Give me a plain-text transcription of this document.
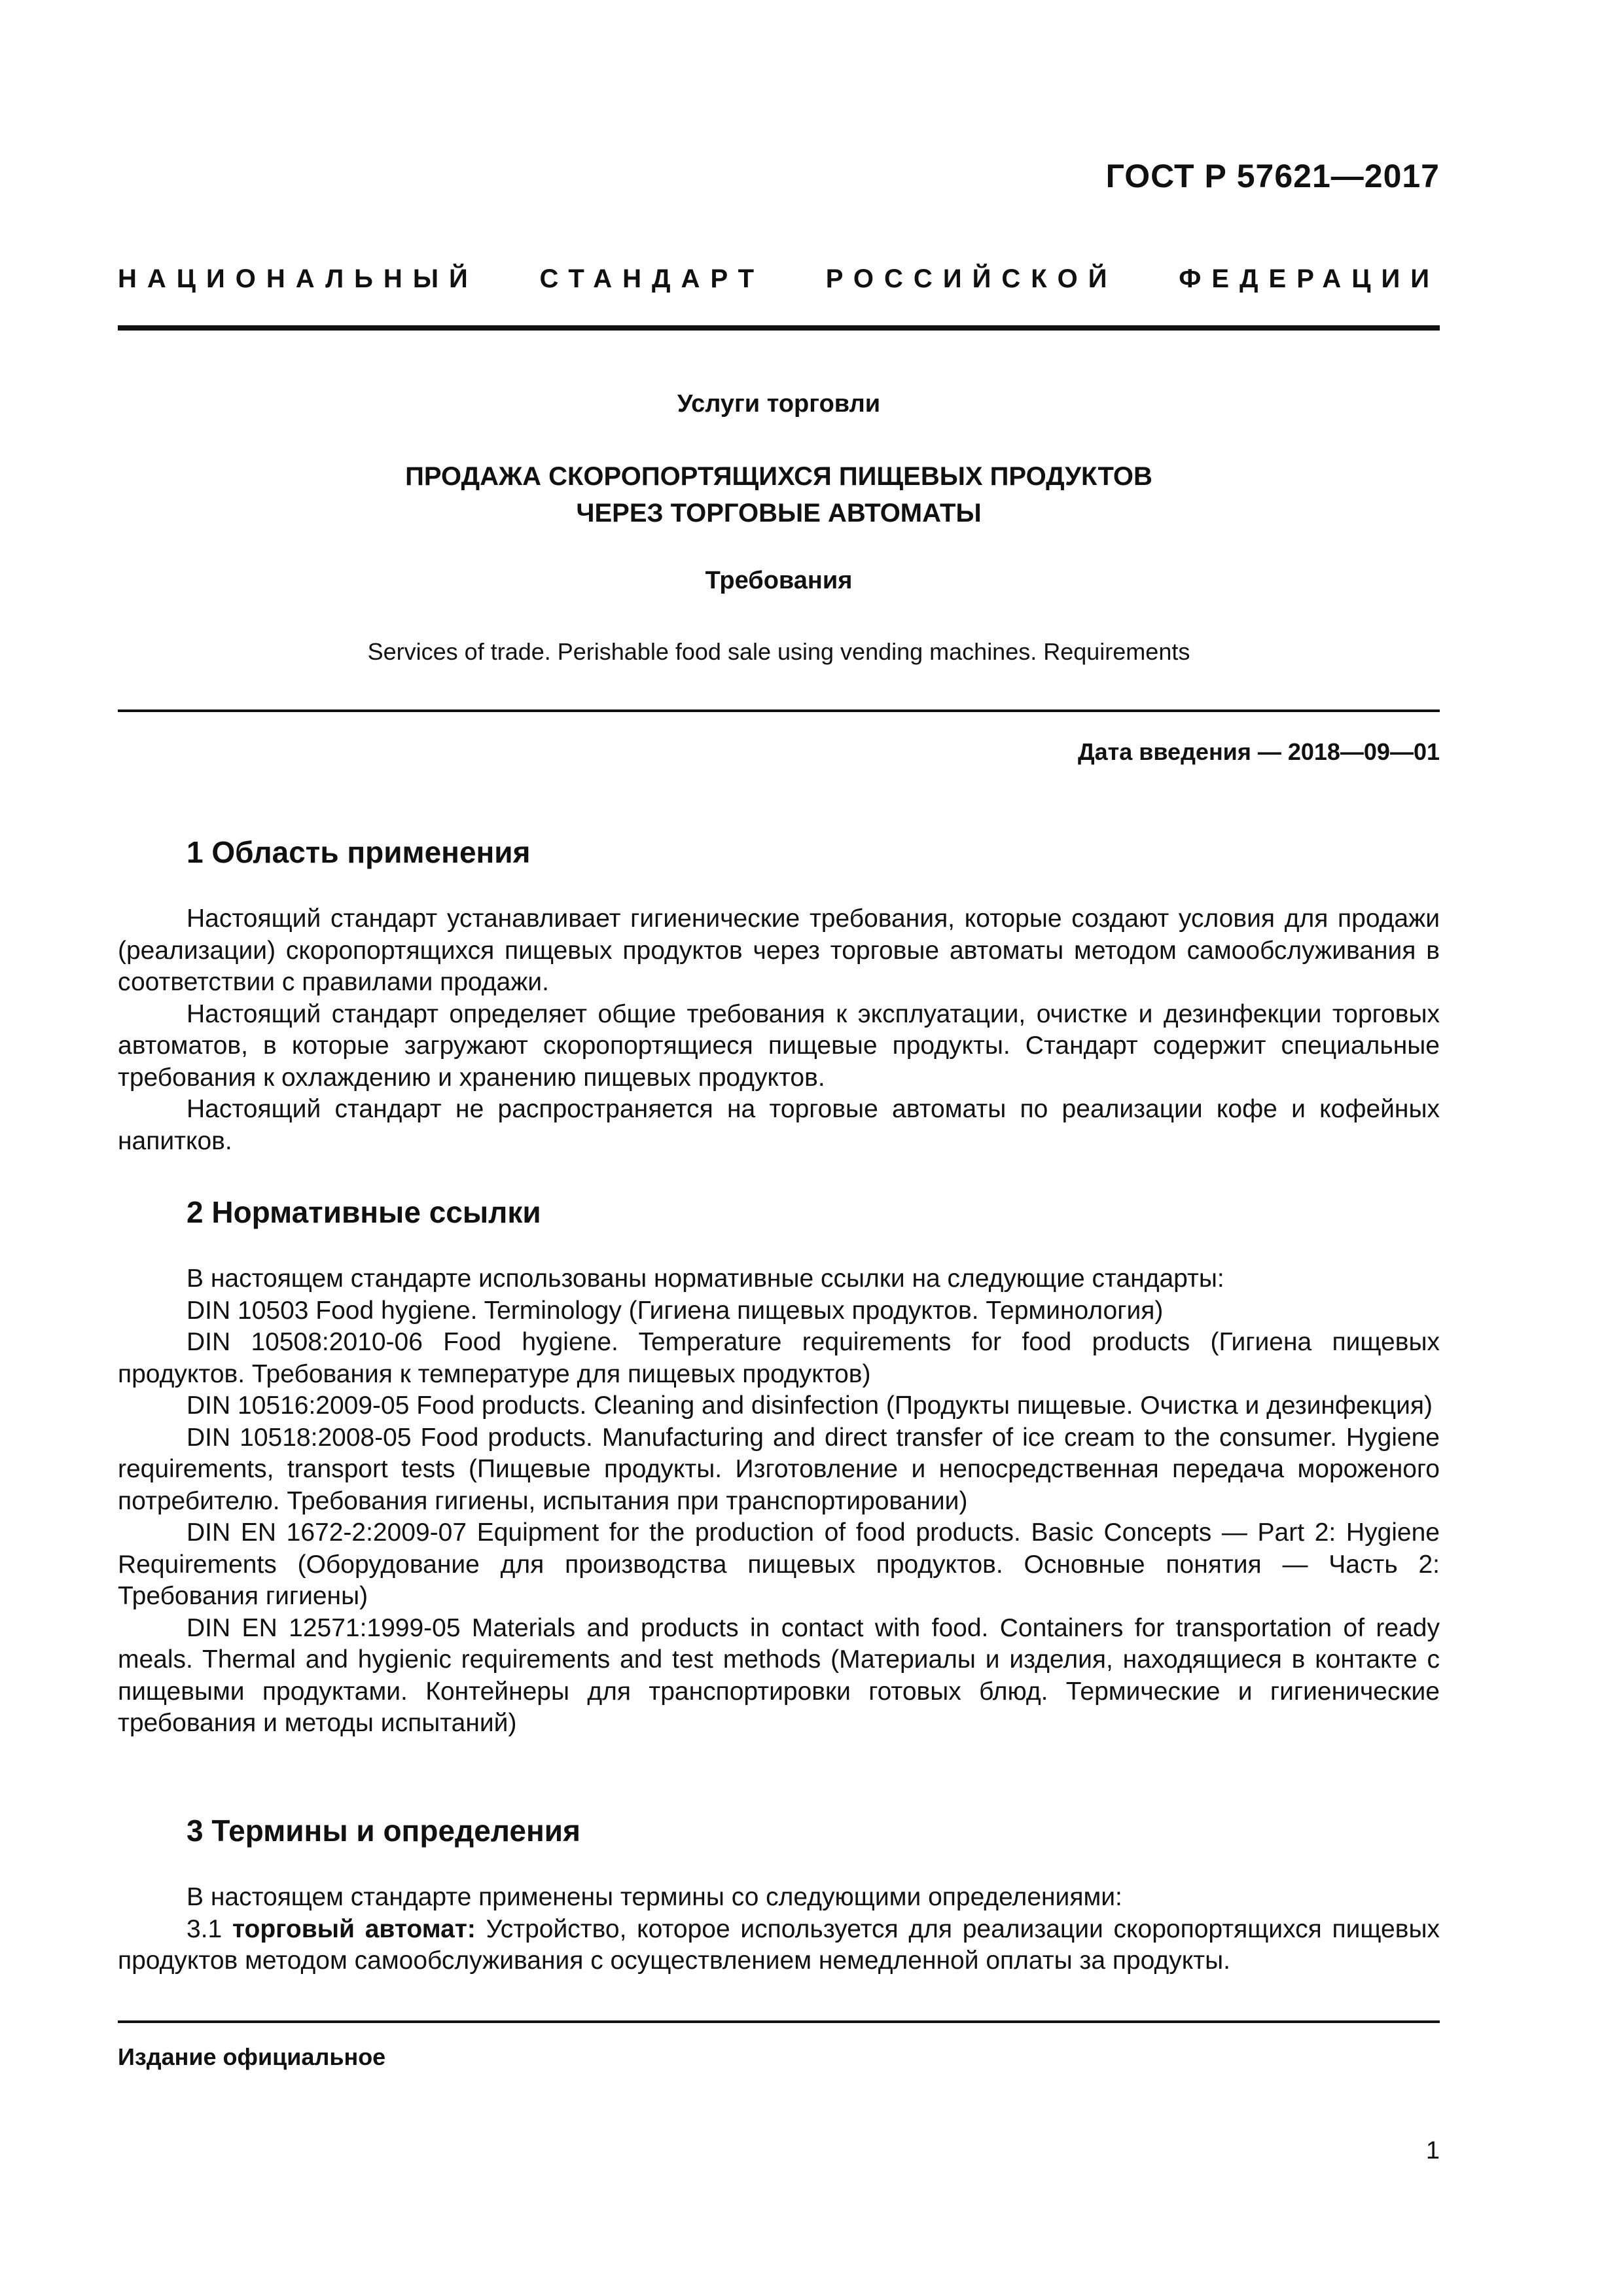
ГОСТ Р 57621—2017
НАЦИОНАЛЬНЫЙ СТАНДАРТ РОССИЙСКОЙ ФЕДЕРАЦИИ
Услуги торговли
ПРОДАЖА СКОРОПОРТЯЩИХСЯ ПИЩЕВЫХ ПРОДУКТОВ
ЧЕРЕЗ ТОРГОВЫЕ АВТОМАТЫ
Требования
Services of trade. Perishable food sale using vending machines. Requirements
Дата введения — 2018—09—01
1 Область применения

Настоящий стандарт устанавливает гигиенические требования, которые создают условия для продажи (реализации) скоропортящихся пищевых продуктов через торговые автоматы методом самообслуживания в соответствии с правилами продажи.

Настоящий стандарт определяет общие требования к эксплуатации, очистке и дезинфекции торговых автоматов, в которые загружают скоропортящиеся пищевые продукты. Стандарт содержит специальные требования к охлаждению и хранению пищевых продуктов.

Настоящий стандарт не распространяется на торговые автоматы по реализации кофе и кофейных напитков.

2 Нормативные ссылки

В настоящем стандарте использованы нормативные ссылки на следующие стандарты:

DIN 10503 Food hygiene. Terminology (Гигиена пищевых продуктов. Терминология)

DIN 10508:2010-06 Food hygiene. Temperature requirements for food products (Гигиена пищевых продуктов. Требования к температуре для пищевых продуктов)

DIN 10516:2009-05 Food products. Cleaning and disinfection (Продукты пищевые. Очистка и дезинфекция)

DIN 10518:2008-05 Food products. Manufacturing and direct transfer of ice cream to the consumer. Hygiene requirements, transport tests (Пищевые продукты. Изготовление и непосредственная передача мороженого потребителю. Требования гигиены, испытания при транспортировании)

DIN EN 1672-2:2009-07 Equipment for the production of food products. Basic Concepts — Part 2: Hygiene Requirements (Оборудование для производства пищевых продуктов. Основные понятия — Часть 2: Требования гигиены)

DIN EN 12571:1999-05 Materials and products in contact with food. Containers for transportation of ready meals. Thermal and hygienic requirements and test methods (Материалы и изделия, находящиеся в контакте с пищевыми продуктами. Контейнеры для транспортировки готовых блюд. Термические и гигиенические требования и методы испытаний)

3 Термины и определения

В настоящем стандарте применены термины со следующими определениями:

3.1 торговый автомат: Устройство, которое используется для реализации скоропортящихся пищевых продуктов методом самообслуживания с осуществлением немедленной оплаты за продукты.

Издание официальное
1
